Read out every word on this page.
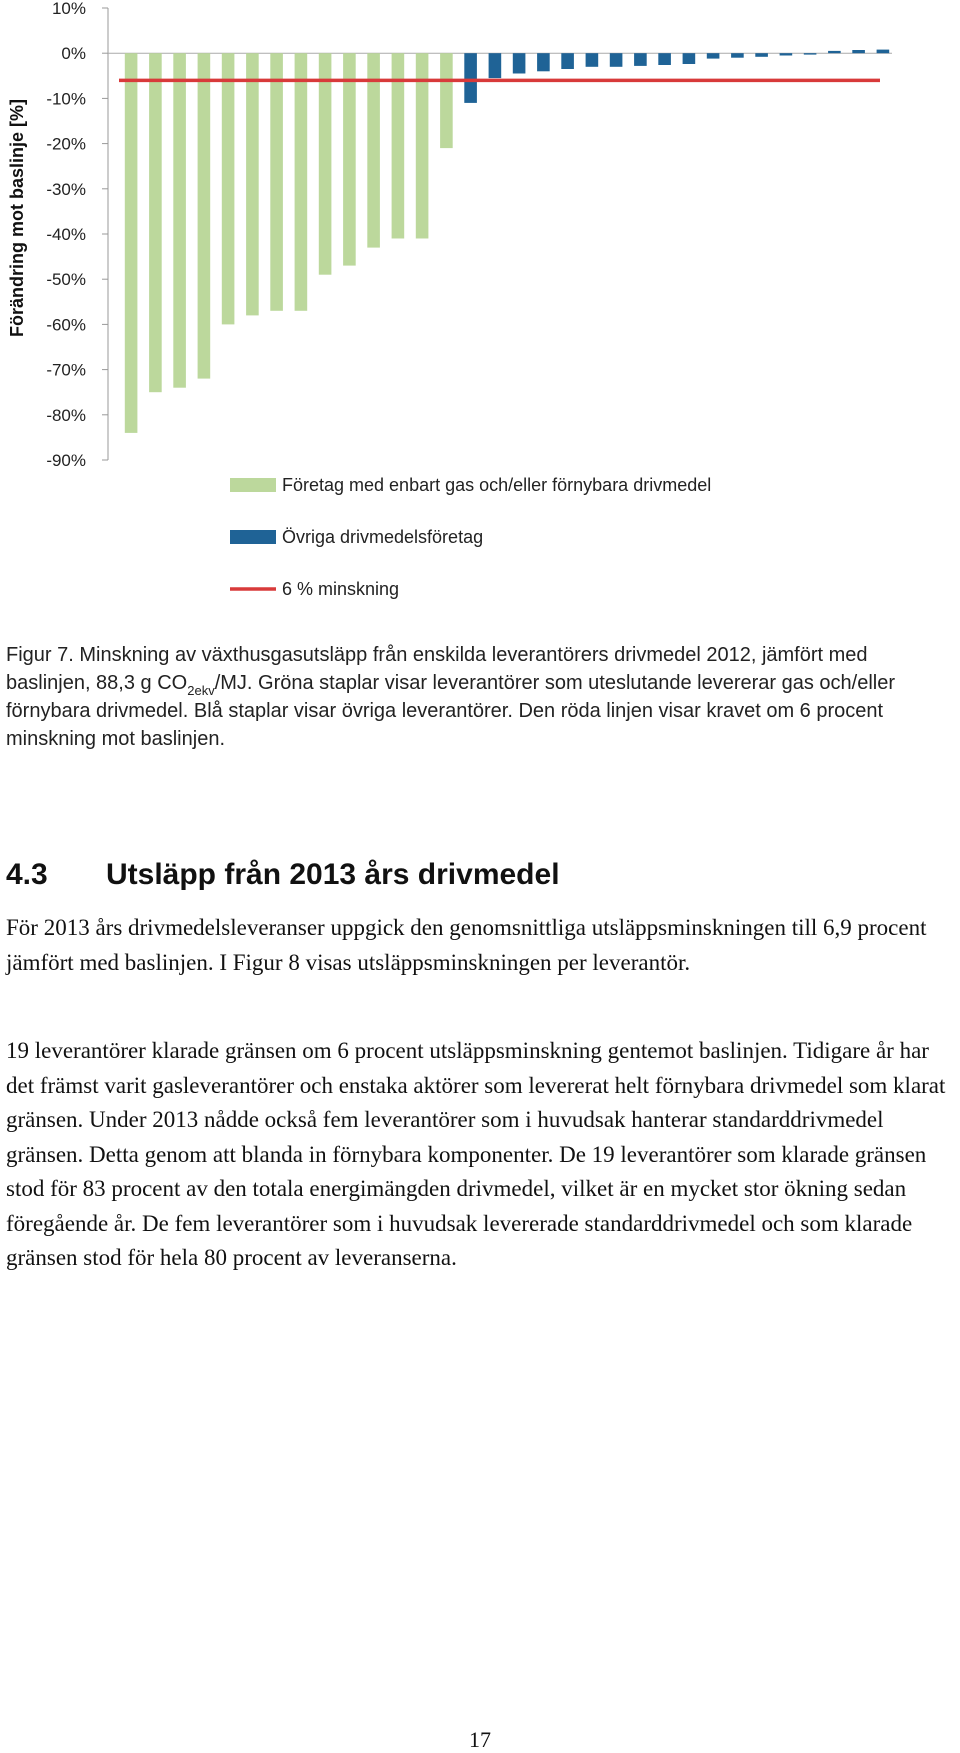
10%
0%
-10%
-20%
-30%
-40%
-50%
-60%
-70%
-80%
-90%
Förändring mot baslinje [%]
Företag med enbart gas och/eller förnybara drivmedel
Övriga drivmedelsföretag
6 % minskning
Figur 7. Minskning av växthusgasutsläpp från enskilda leverantörers drivmedel 2012, jämfört med baslinjen, 88,3 g $CO_{2ekv}/MJ$. Gröna staplar visar leverantörer som uteslutande levererar gas och/eller förnybara drivmedel. Blå staplar visar övriga leverantörer. Den röda linjen visar kravet om 6 procent minskning mot baslinjen.
4.3 Utsläpp från 2013 års drivmedel
För 2013 års drivmedelsleveranser uppgick den genomsnittliga utsläppsminskningen till 6,9 procent jämfört med baslinjen. I Figur 8 visas utsläppsminskningen per leverantör.
19 leverantörer klarade gränsen om 6 procent utsläppsminskning gentemot baslinjen. Tidigare år har det främst varit gasleverantörer och enstaka aktörer som levererat helt förnybara drivmedel som klarat gränsen. Under 2013 nådde också fem leverantörer som i huvudsak hanterar standarddrivmedel gränsen. Detta genom att blanda in förnybara komponenter. De 19 leverantörer som klarade gränsen stod för 83 procent av den totala energimängden drivmedel, vilket är en mycket stor ökning sedan föregående år. De fem leverantörer som i huvudsak levererade standarddrivmedel och som klarade gränsen stod för hela 80 procent av leveranserna.
17
